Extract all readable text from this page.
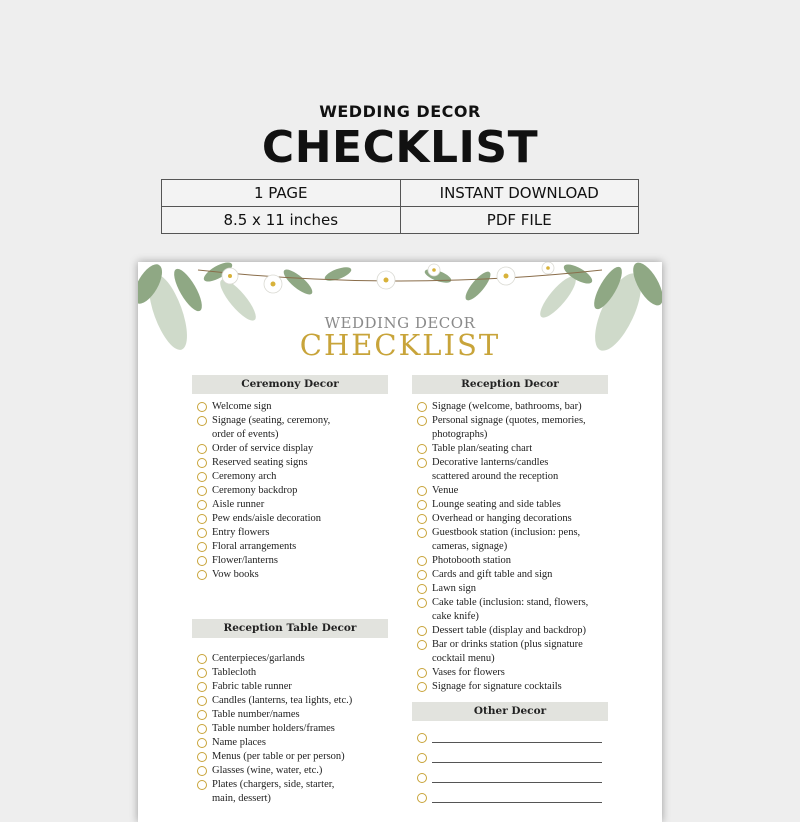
WEDDING DECOR
CHECKLIST
1 PAGE	INSTANT DOWNLOAD
8.5 x 11 inches	PDF FILE
WEDDING DECOR
CHECKLIST
Ceremony Decor
Welcome sign
Signage (seating, ceremony,
order of events)
Order of service display
Reserved seating signs
Ceremony arch
Ceremony backdrop
Aisle runner
Pew ends/aisle decoration
Entry flowers
Floral arrangements
Flower/lanterns
Vow books
Reception Table Decor
Centerpieces/garlands
Tablecloth
Fabric table runner
Candles (lanterns, tea lights, etc.)
Table number/names
Table number holders/frames
Name places
Menus (per table or per person)
Glasses (wine, water, etc.)
Plates (chargers, side, starter,
main, dessert)
Reception Decor
Signage (welcome, bathrooms, bar)
Personal signage (quotes, memories,
photographs)
Table plan/seating chart
Decorative lanterns/candles
scattered around the reception
Venue
Lounge seating and side tables
Overhead or hanging decorations
Guestbook station (inclusion: pens,
cameras, signage)
Photobooth station
Cards and gift table and sign
Lawn sign
Cake table (inclusion: stand, flowers,
cake knife)
Dessert table (display and backdrop)
Bar or drinks station (plus signature
cocktail menu)
Vases for flowers
Signage for signature cocktails
Other Decor
